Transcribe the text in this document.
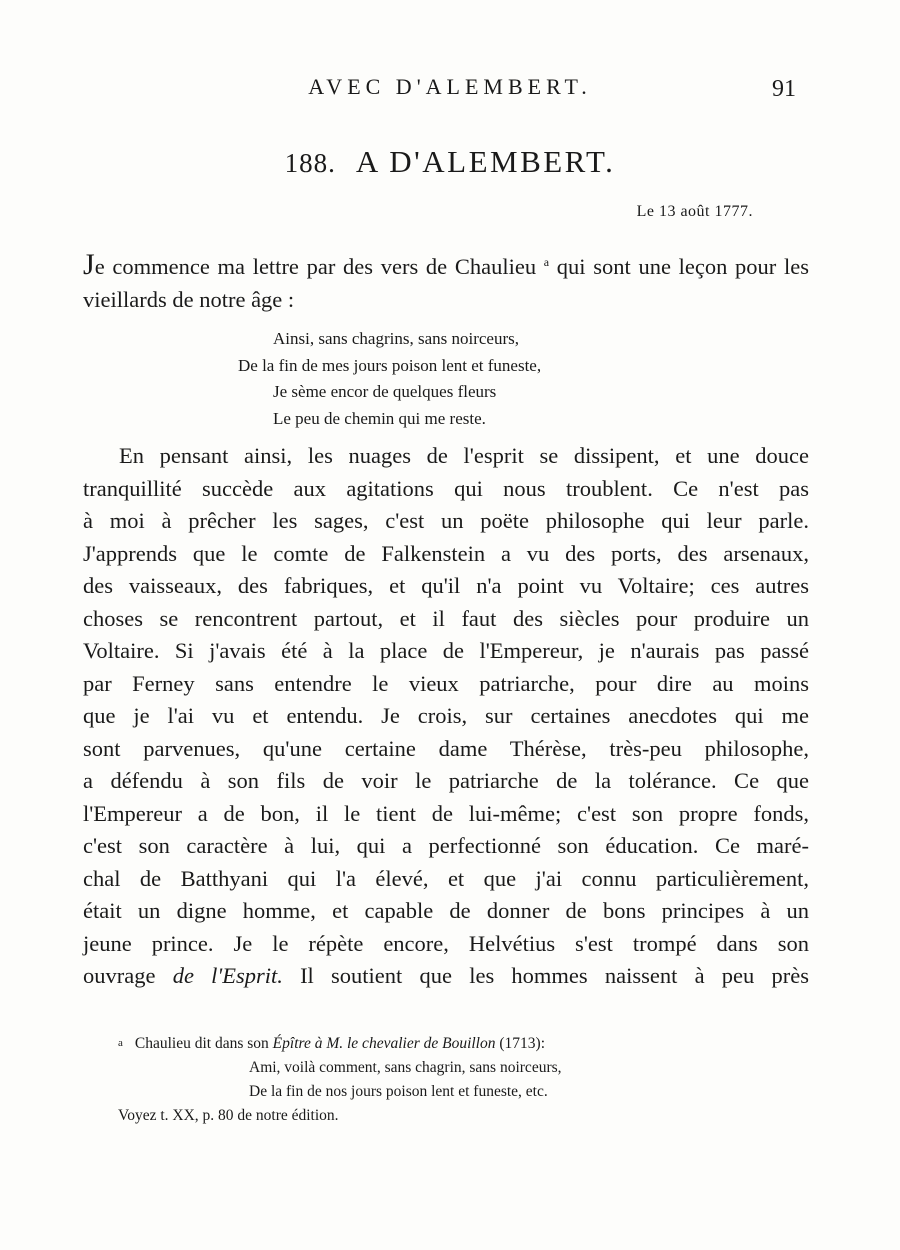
AVEC D'ALEMBERT.	91
188. A D'ALEMBERT.
Le 13 août 1777.
Je commence ma lettre par des vers de Chaulieu $^a$ qui sont une leçon pour les vieillards de notre âge :
Ainsi, sans chagrins, sans noirceurs,
De la fin de mes jours poison lent et funeste,
Je sème encor de quelques fleurs
Le peu de chemin qui me reste.
En pensant ainsi, les nuages de l'esprit se dissipent, et une douce
tranquillité succède aux agitations qui nous troublent. Ce n'est pas
à moi à prêcher les sages, c'est un poëte philosophe qui leur parle.
J'apprends que le comte de Falkenstein a vu des ports, des arsenaux,
des vaisseaux, des fabriques, et qu'il n'a point vu Voltaire; ces autres
choses se rencontrent partout, et il faut des siècles pour produire un
Voltaire. Si j'avais été à la place de l'Empereur, je n'aurais pas passé
par Ferney sans entendre le vieux patriarche, pour dire au moins
que je l'ai vu et entendu. Je crois, sur certaines anecdotes qui me
sont parvenues, qu'une certaine dame Thérèse, très-peu philosophe,
a défendu à son fils de voir le patriarche de la tolérance. Ce que
l'Empereur a de bon, il le tient de lui-même; c'est son propre fonds,
c'est son caractère à lui, qui a perfectionné son éducation. Ce maré-
chal de Batthyani qui l'a élevé, et que j'ai connu particulièrement,
était un digne homme, et capable de donner de bons principes à un
jeune prince. Je le répète encore, Helvétius s'est trompé dans son
ouvrage de l'Esprit. Il soutient que les hommes naissent à peu près
a Chaulieu dit dans son Épître à M. le chevalier de Bouillon (1713):
Ami, voilà comment, sans chagrin, sans noirceurs,
De la fin de nos jours poison lent et funeste, etc.
Voyez t. XX, p. 80 de notre édition.
